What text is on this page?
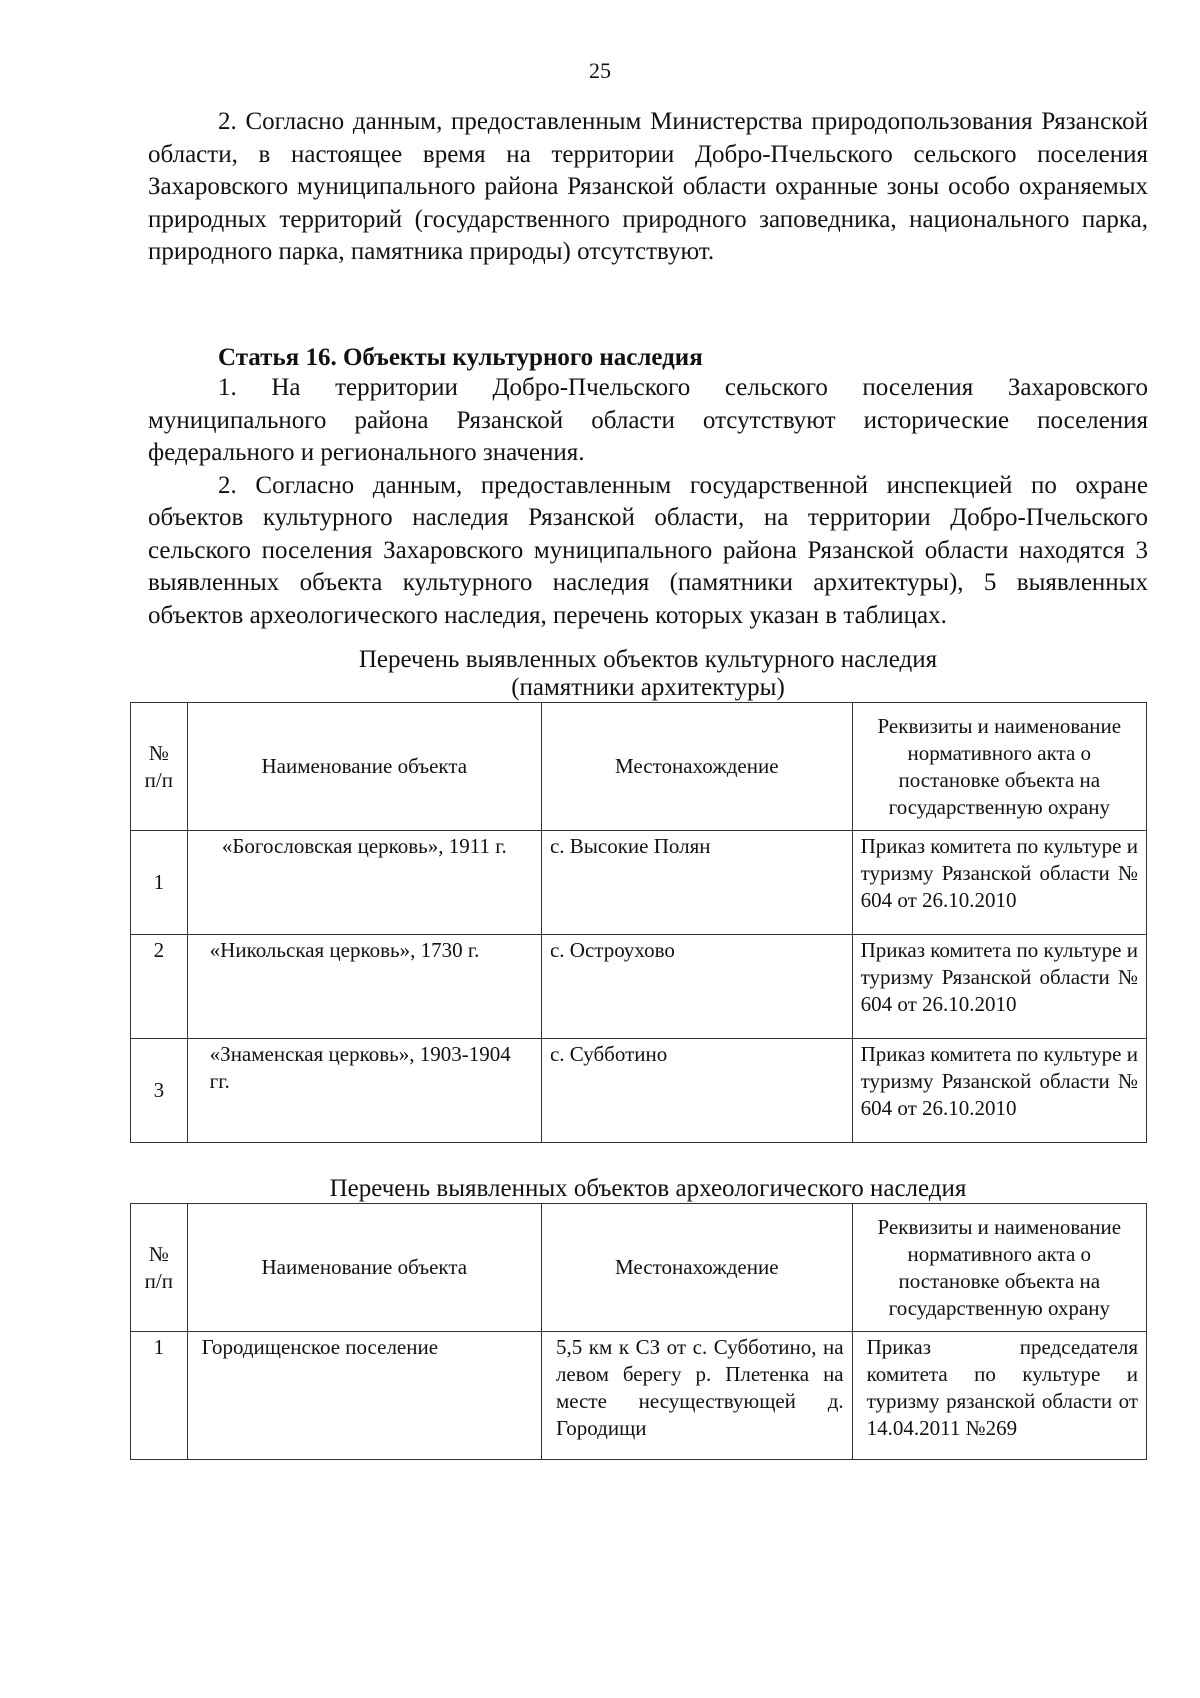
25

2. Согласно данным, предоставленным Министерства природопользования Рязанской области, в настоящее время на территории Добро-Пчельского сельского поселения Захаровского муниципального района Рязанской области охранные зоны особо охраняемых природных территорий (государственного природного заповедника, национального парка, природного парка, памятника природы) отсутствуют.

Статья 16. Объекты культурного наследия

1. На территории Добро-Пчельского сельского поселения Захаровского муниципального района Рязанской области отсутствуют исторические поселения федерального и регионального значения.

2. Согласно данным, предоставленным государственной инспекцией по охране объектов культурного наследия Рязанской области, на территории Добро-Пчельского сельского поселения Захаровского муниципального района Рязанской области находятся 3 выявленных объекта культурного наследия (памятники архитектуры), 5 выявленных объектов археологического наследия, перечень которых указан в таблицах.

Перечень выявленных объектов культурного наследия
(памятники архитектуры)
№ п/п	Наименование объекта	Местонахождение	Реквизиты и наименование нормативного акта о постановке объекта на государственную охрану
1	«Богословская церковь», 1911 г.	с. Высокие Полян	Приказ комитета по культуре и туризму Рязанской области № 604 от 26.10.2010
2	«Никольская церковь», 1730 г.	с. Остроухово	Приказ комитета по культуре и туризму Рязанской области № 604 от 26.10.2010
3	«Знаменская церковь», 1903-1904 гг.	с. Субботино	Приказ комитета по культуре и туризму Рязанской области № 604 от 26.10.2010
Перечень выявленных объектов археологического наследия
№ п/п	Наименование объекта	Местонахождение	Реквизиты и наименование нормативного акта о постановке объекта на государственную охрану
1	Городищенское поселение	5,5 км к СЗ от с. Субботино, на левом берегу р. Плетенка на месте несуществующей д. Городищи	Приказ председателя комитета по культуре и туризму рязанской области от 14.04.2011 №269
